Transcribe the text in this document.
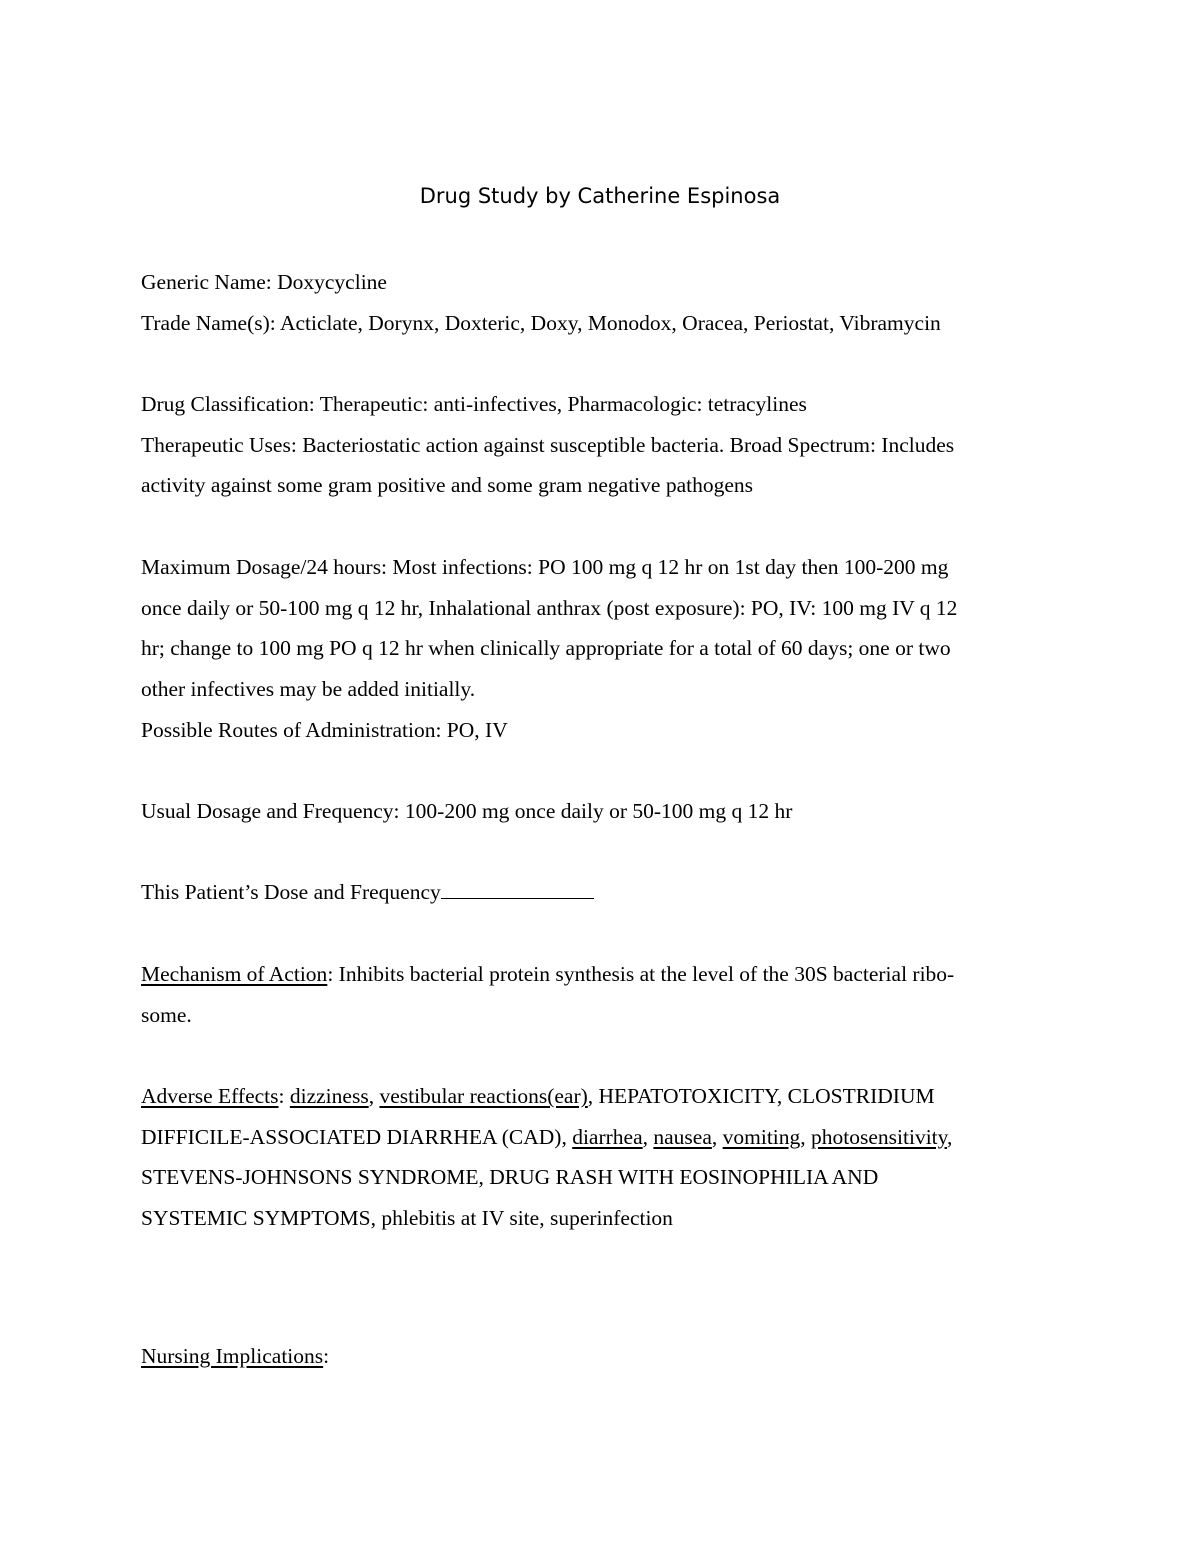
Drug Study by Catherine Espinosa
Generic Name: Doxycycline
Trade Name(s): Acticlate, Dorynx, Doxteric, Doxy, Monodox, Oracea, Periostat, Vibramycin
Drug Classification: Therapeutic: anti-infectives, Pharmacologic: tetracylines
Therapeutic Uses: Bacteriostatic action against susceptible bacteria. Broad Spectrum: Includes
activity against some gram positive and some gram negative pathogens
Maximum Dosage/24 hours: Most infections: PO 100 mg q 12 hr on 1st day then 100-200 mg
once daily or 50-100 mg q 12 hr, Inhalational anthrax (post exposure): PO, IV: 100 mg IV q 12
hr; change to 100 mg PO q 12 hr when clinically appropriate for a total of 60 days; one or two
other infectives may be added initially.
Possible Routes of Administration: PO, IV
Usual Dosage and Frequency: 100-200 mg once daily or 50-100 mg q 12 hr
This Patient’s Dose and Frequency
Mechanism of Action: Inhibits bacterial protein synthesis at the level of the 30S bacterial ribo-
some.
Adverse Effects: dizziness, vestibular reactions(ear), HEPATOTOXICITY, CLOSTRIDIUM
DIFFICILE-ASSOCIATED DIARRHEA (CAD), diarrhea, nausea, vomiting, photosensitivity,
STEVENS-JOHNSONS SYNDROME, DRUG RASH WITH EOSINOPHILIA AND
SYSTEMIC SYMPTOMS, phlebitis at IV site, superinfection
Nursing Implications:
